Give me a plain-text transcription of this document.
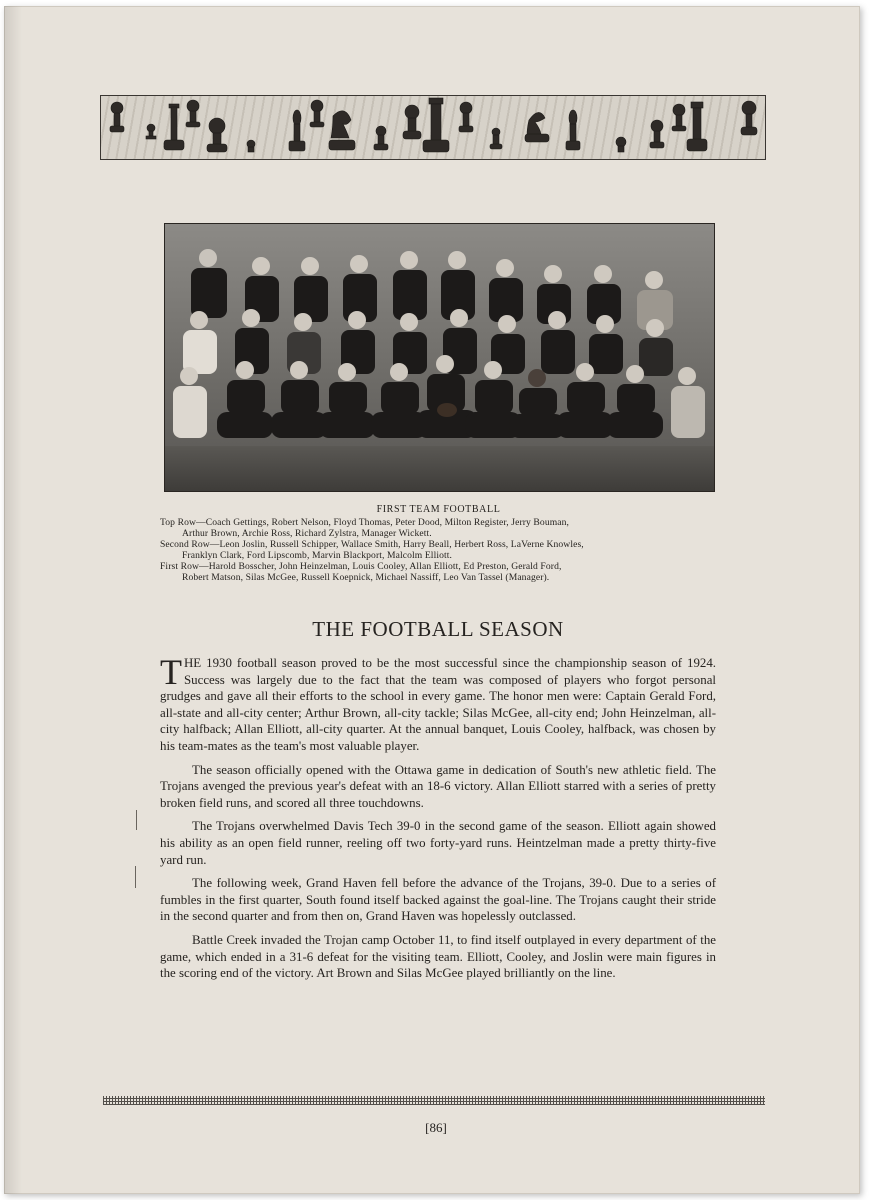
FIRST TEAM FOOTBALL
Top Row—Coach Gettings, Robert Nelson, Floyd Thomas, Peter Dood, Milton Register, Jerry Bouman,
Arthur Brown, Archie Ross, Richard Zylstra, Manager Wickett.
Second Row—Leon Joslin, Russell Schipper, Wallace Smith, Harry Beall, Herbert Ross, LaVerne Knowles,
Franklyn Clark, Ford Lipscomb, Marvin Blackport, Malcolm Elliott.
First Row—Harold Bosscher, John Heinzelman, Louis Cooley, Allan Elliott, Ed Preston, Gerald Ford,
Robert Matson, Silas McGee, Russell Koepnick, Michael Nassiff, Leo Van Tassel (Manager).
THE FOOTBALL SEASON

THE 1930 football season proved to be the most successful since the championship season of 1924. Success was largely due to the fact that the team was composed of players who forgot personal grudges and gave all their efforts to the school in every game. The honor men were: Captain Gerald Ford, all-state and all-city center; Arthur Brown, all-city tackle; Silas McGee, all-city end; John Heinzelman, all-city halfback; Allan Elliott, all-city quarter. At the annual banquet, Louis Cooley, halfback, was chosen by his team-mates as the team's most valuable player.

The season officially opened with the Ottawa game in dedication of South's new athletic field. The Trojans avenged the previous year's defeat with an 18-6 victory. Allan Elliott starred with a series of pretty broken field runs, and scored all three touchdowns.

The Trojans overwhelmed Davis Tech 39-0 in the second game of the season. Elliott again showed his ability as an open field runner, reeling off two forty-yard runs. Heintzelman made a pretty thirty-five yard run.

The following week, Grand Haven fell before the advance of the Trojans, 39-0. Due to a series of fumbles in the first quarter, South found itself backed against the goal-line. The Trojans caught their stride in the second quarter and from then on, Grand Haven was hopelessly outclassed.

Battle Creek invaded the Trojan camp October 11, to find itself outplayed in every department of the game, which ended in a 31-6 defeat for the visiting team. Elliott, Cooley, and Joslin were main figures in the scoring end of the victory. Art Brown and Silas McGee played brilliantly on the line.

[86]
